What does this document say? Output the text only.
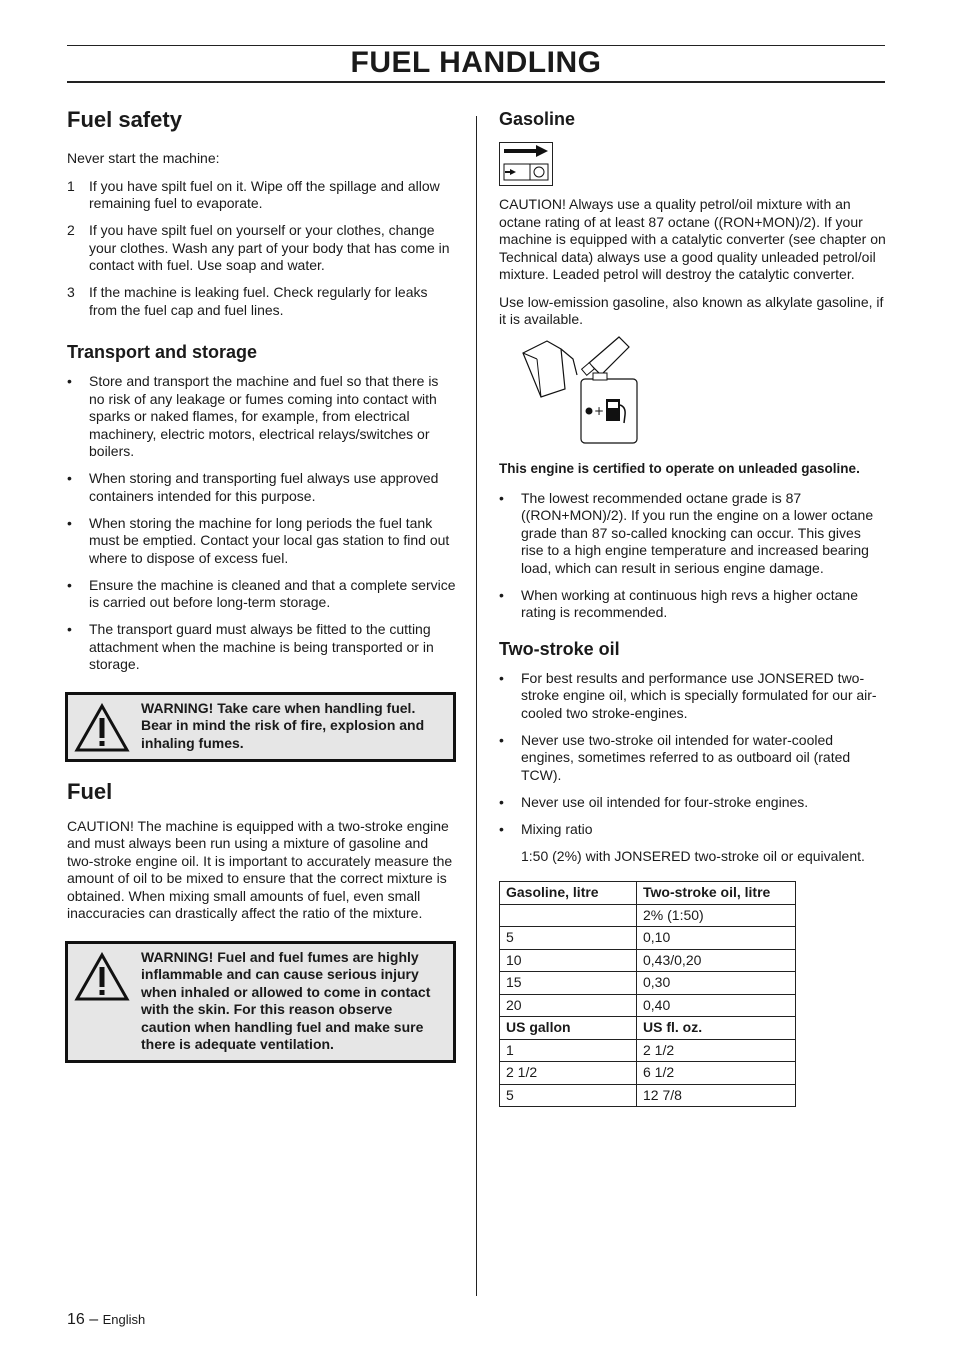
FUEL HANDLING
Fuel safety

Never start the machine:

1 If you have spilt fuel on it. Wipe off the spillage and allow remaining fuel to evaporate.
2 If you have spilt fuel on yourself or your clothes, change your clothes. Wash any part of your body that has come in contact with fuel. Use soap and water.
3 If the machine is leaking fuel. Check regularly for leaks from the fuel cap and fuel lines.
Transport and storage
• Store and transport the machine and fuel so that there is no risk of any leakage or fumes coming into contact with sparks or naked flames, for example, from electrical machinery, electric motors, electrical relays/switches or boilers.
• When storing and transporting fuel always use approved containers intended for this purpose.
• When storing the machine for long periods the fuel tank must be emptied. Contact your local gas station to find out where to dispose of excess fuel.
• Ensure the machine is cleaned and that a complete service is carried out before long-term storage.
• The transport guard must always be fitted to the cutting attachment when the machine is being transported or in storage.
WARNING! Take care when handling fuel. Bear in mind the risk of fire, explosion and inhaling fumes.
Fuel

CAUTION! The machine is equipped with a two-stroke engine and must always been run using a mixture of gasoline and two-stroke engine oil. It is important to accurately measure the amount of oil to be mixed to ensure that the correct mixture is obtained. When mixing small amounts of fuel, even small inaccuracies can drastically affect the ratio of the mixture.

WARNING! Fuel and fuel fumes are highly inflammable and can cause serious injury when inhaled or allowed to come in contact with the skin. For this reason observe caution when handling fuel and make sure there is adequate ventilation.
Gasoline

CAUTION! Always use a quality petrol/oil mixture with an octane rating of at least 87 octane ((RON+MON)/2). If your machine is equipped with a catalytic converter (see chapter on Technical data) always use a good quality unleaded petrol/oil mixture. Leaded petrol will destroy the catalytic converter.

Use low-emission gasoline, also known as alkylate gasoline, if it is available.

+
This engine is certified to operate on unleaded gasoline.
• The lowest recommended octane grade is 87 ((RON+MON)/2). If you run the engine on a lower octane grade than 87 so-called knocking can occur. This gives rise to a high engine temperature and increased bearing load, which can result in serious engine damage.
• When working at continuous high revs a higher octane rating is recommended.
Two-stroke oil
• For best results and performance use JONSERED two-stroke engine oil, which is specially formulated for our air-cooled two stroke-engines.
• Never use two-stroke oil intended for water-cooled engines, sometimes referred to as outboard oil (rated TCW).
• Never use oil intended for four-stroke engines.
• Mixing ratio

1:50 (2%) with JONSERED two-stroke oil or equivalent.

Gasoline, litre	Two-stroke oil, litre
	2% (1:50)
5	0,10
10	0,43/0,20
15	0,30
20	0,40
US gallon	US fl. oz.
1	2 1/2
2 1/2	6 1/2
5	12 7/8
16 – English
